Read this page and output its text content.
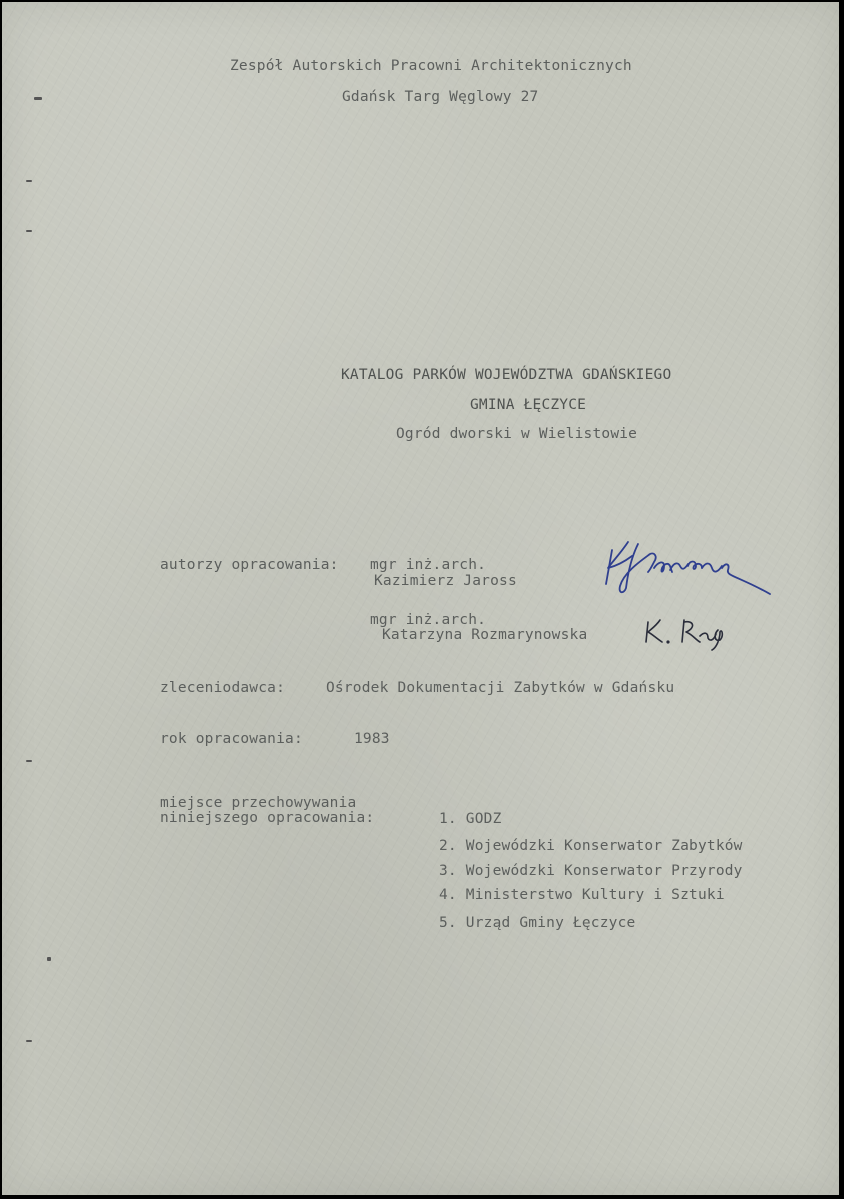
Zespół Autorskich Pracowni Architektonicznych
Gdańsk Targ Węglowy 27
KATALOG PARKÓW WOJEWÓDZTWA GDAŃSKIEGO
GMINA ŁĘCZYCE
Ogród dworski w Wielistowie
autorzy opracowania: mgr inż.arch.
Kazimierz Jaross
mgr inż.arch.
Katarzyna Rozmarynowska
zleceniodawca:	Ośrodek Dokumentacji Zabytków w Gdańsku
rok opracowania:	1983
miejsce przechowywania
niniejszego opracowania:	1. GODZ
2. Wojewódzki Konserwator Zabytków
3. Wojewódzki Konserwator Przyrody
4. Ministerstwo Kultury i Sztuki
5. Urząd Gminy Łęczyce
